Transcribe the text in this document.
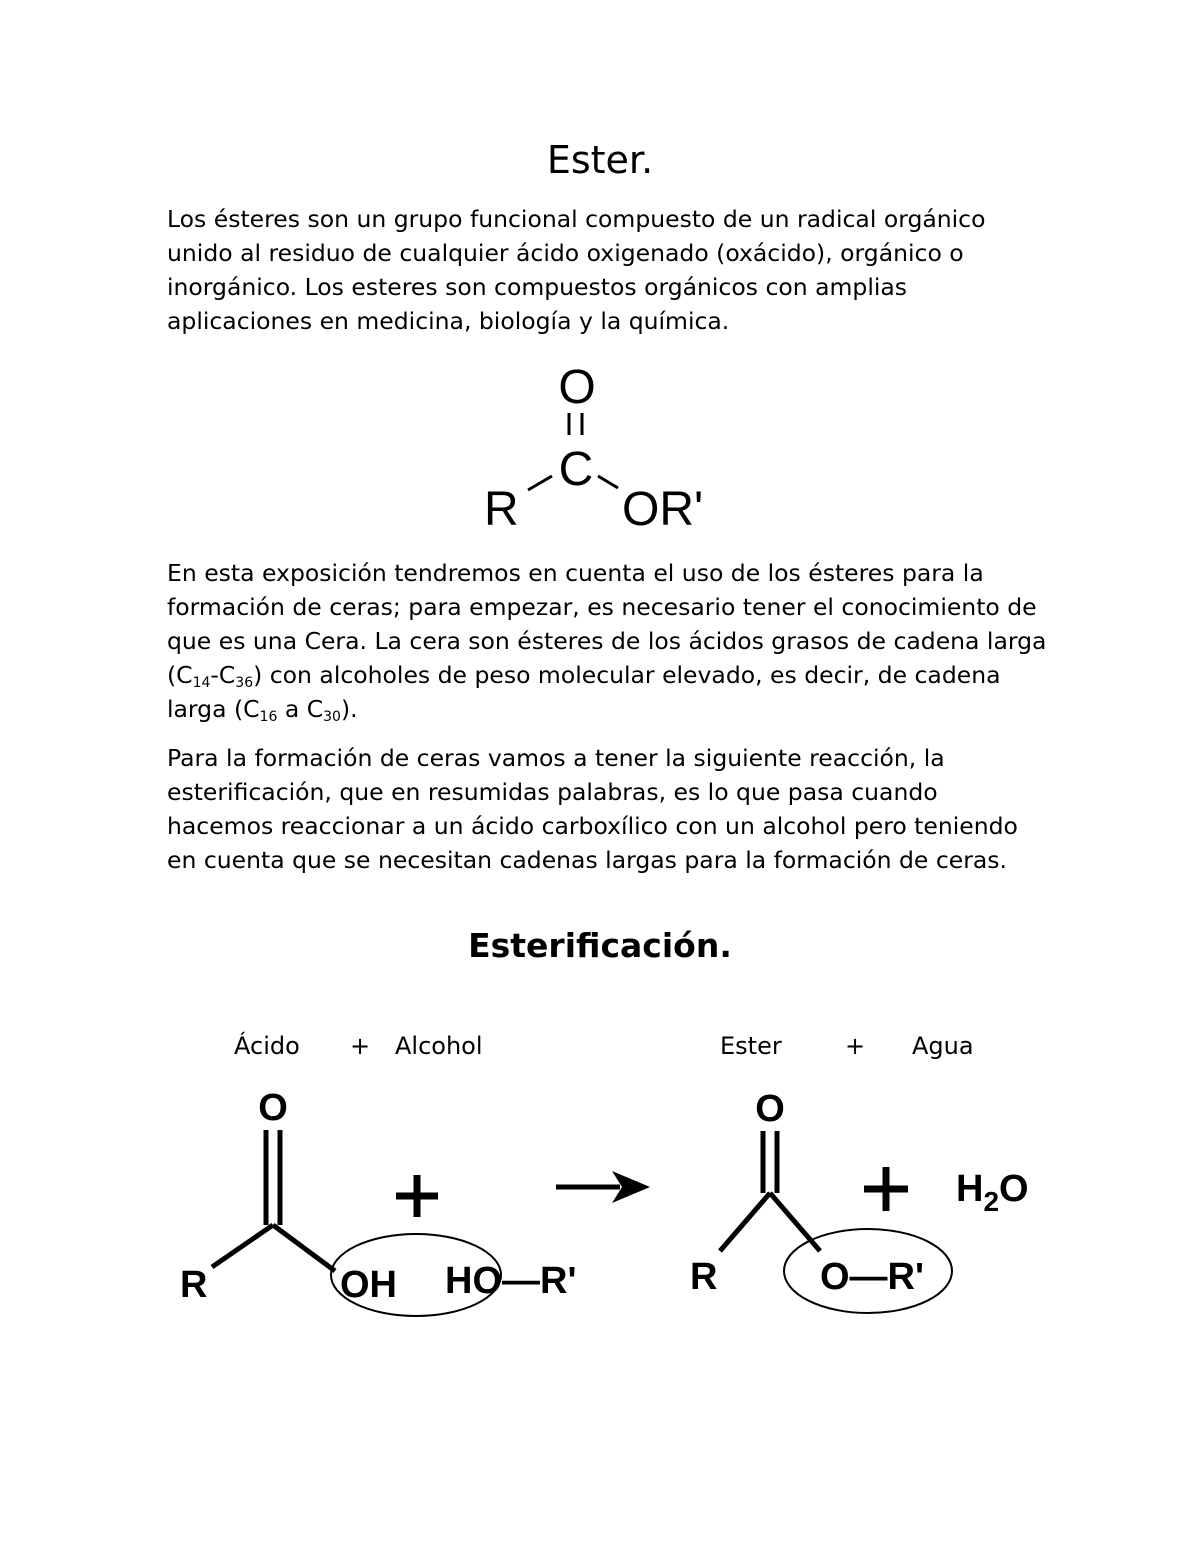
Ester.

Los ésteres son un grupo funcional compuesto de un radical orgánico unido al residuo de cualquier ácido oxigenado (oxácido), orgánico o inorgánico. Los esteres son compuestos orgánicos con amplias aplicaciones en medicina, biología y la química.

O
C
R OR'

En esta exposición tendremos en cuenta el uso de los ésteres para la formación de ceras; para empezar, es necesario tener el conocimiento de que es una Cera. La cera son ésteres de los ácidos grasos de cadena larga $(C_{14}-C_{36})$ con alcoholes de peso molecular elevado, es decir, de cadena larga ($C_{16}$ a $C_{30}$).

Para la formación de ceras vamos a tener la siguiente reacción, la esterificación, que en resumidas palabras, es lo que pasa cuando hacemos reaccionar a un ácido carboxílico con un alcohol pero teniendo en cuenta que se necesitan cadenas largas para la formación de ceras.

Esterificación.
Ácido + Alcohol	Ester	+ Agua
O
R	OH HO—R'
O
R	O—R'
$H_2O$
